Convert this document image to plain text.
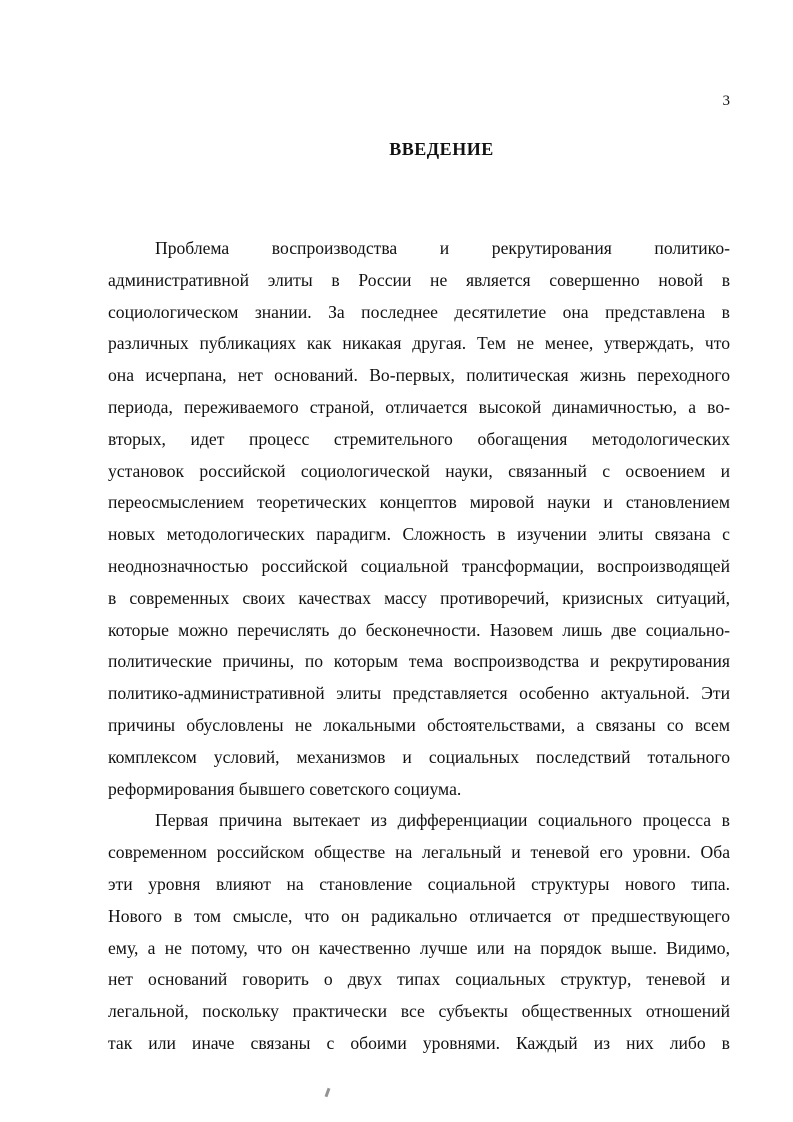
3
ВВЕДЕНИЕ
Проблема воспроизводства и рекрутирования политико-
административной элиты в России не является совершенно новой в
социологическом знании. За последнее десятилетие она представлена в
различных публикациях как никакая другая. Тем не менее, утверждать, что
она исчерпана, нет оснований. Во-первых, политическая жизнь переходного
периода, переживаемого страной, отличается высокой динамичностью, а во-
вторых, идет процесс стремительного обогащения методологических
установок российской социологической науки, связанный с освоением и
переосмыслением теоретических концептов мировой науки и становлением
новых методологических парадигм. Сложность в изучении элиты связана с
неоднозначностью российской социальной трансформации, воспроизводящей
в современных своих качествах массу противоречий, кризисных ситуаций,
которые можно перечислять до бесконечности. Назовем лишь две социально-
политические причины, по которым тема воспроизводства и рекрутирования
политико-административной элиты представляется особенно актуальной. Эти
причины обусловлены не локальными обстоятельствами, а связаны со всем
комплексом условий, механизмов и социальных последствий тотального
реформирования бывшего советского социума.
Первая причина вытекает из дифференциации социального процесса в
современном российском обществе на легальный и теневой его уровни. Оба
эти уровня влияют на становление социальной структуры нового типа.
Нового в том смысле, что он радикально отличается от предшествующего
ему, а не потому, что он качественно лучше или на порядок выше. Видимо,
нет оснований говорить о двух типах социальных структур, теневой и
легальной, поскольку практически все субъекты общественных отношений
так или иначе связаны с обоими уровнями. Каждый из них либо в
